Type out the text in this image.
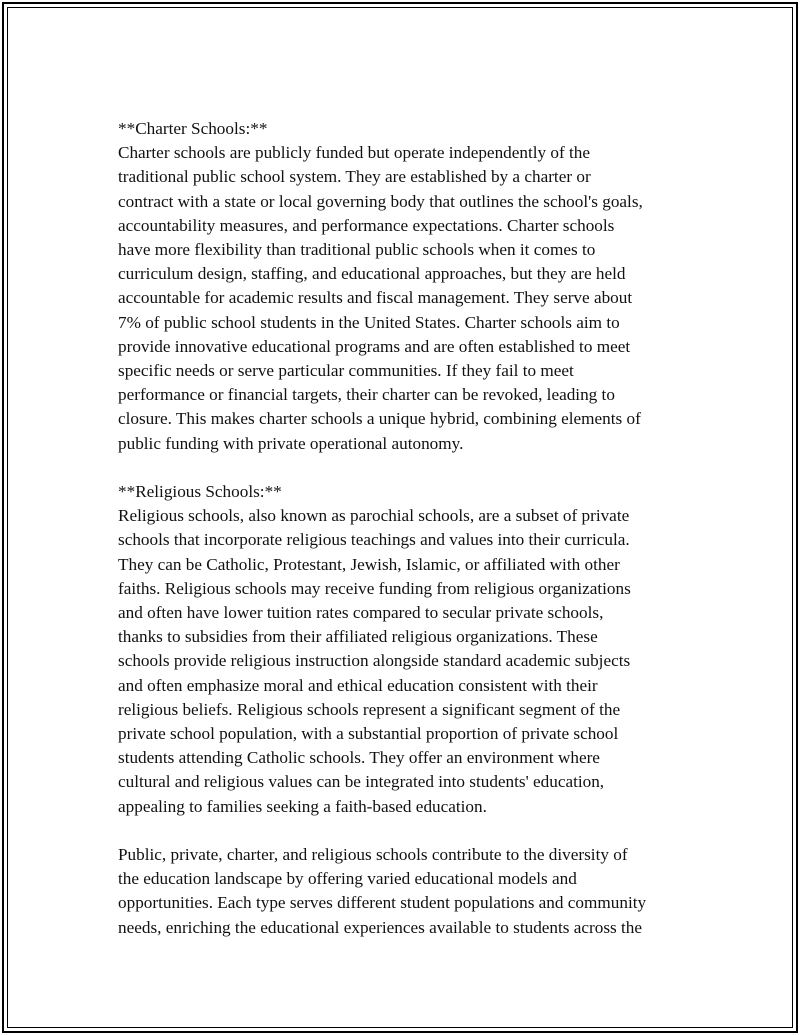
**Charter Schools:**
Charter schools are publicly funded but operate independently of the
traditional public school system. They are established by a charter or
contract with a state or local governing body that outlines the school's goals,
accountability measures, and performance expectations. Charter schools
have more flexibility than traditional public schools when it comes to
curriculum design, staffing, and educational approaches, but they are held
accountable for academic results and fiscal management. They serve about
7% of public school students in the United States. Charter schools aim to
provide innovative educational programs and are often established to meet
specific needs or serve particular communities. If they fail to meet
performance or financial targets, their charter can be revoked, leading to
closure. This makes charter schools a unique hybrid, combining elements of
public funding with private operational autonomy.
**Religious Schools:**
Religious schools, also known as parochial schools, are a subset of private
schools that incorporate religious teachings and values into their curricula.
They can be Catholic, Protestant, Jewish, Islamic, or affiliated with other
faiths. Religious schools may receive funding from religious organizations
and often have lower tuition rates compared to secular private schools,
thanks to subsidies from their affiliated religious organizations. These
schools provide religious instruction alongside standard academic subjects
and often emphasize moral and ethical education consistent with their
religious beliefs. Religious schools represent a significant segment of the
private school population, with a substantial proportion of private school
students attending Catholic schools. They offer an environment where
cultural and religious values can be integrated into students' education,
appealing to families seeking a faith-based education.
Public, private, charter, and religious schools contribute to the diversity of
the education landscape by offering varied educational models and
opportunities. Each type serves different student populations and community
needs, enriching the educational experiences available to students across the
